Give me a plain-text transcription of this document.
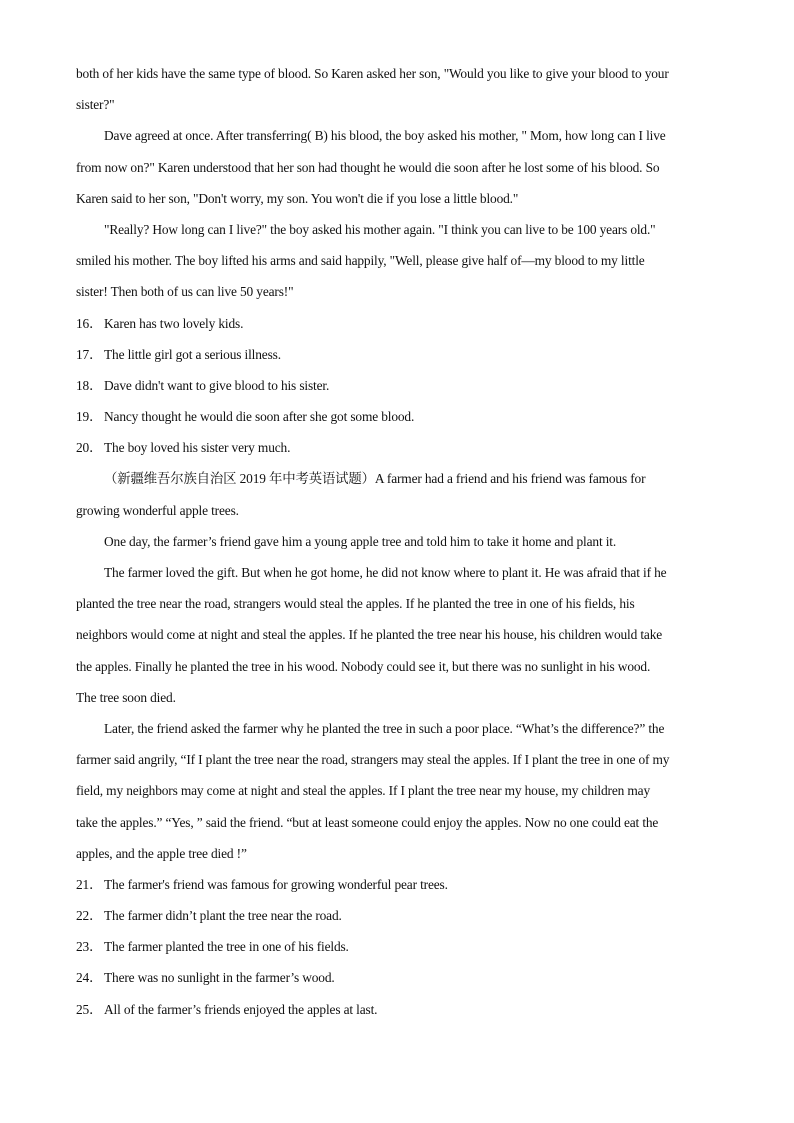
both of her kids have the same type of blood. So Karen asked her son, "Would you like to give your blood to your
sister?"
Dave agreed at once. After transferring( B) his blood, the boy asked his mother, " Mom, how long can I live
from now on?" Karen understood that her son had thought he would die soon after he lost some of his blood. So
Karen said to her son, "Don't worry, my son. You won't die if you lose a little blood."
"Really? How long can I live?" the boy asked his mother again. "I think you can live to be 100 years old."
smiled his mother. The boy lifted his arms and said happily, "Well, please give half of—my blood to my little
sister! Then both of us can live 50 years!"
16． Karen has two lovely kids.
17． The little girl got a serious illness.
18． Dave didn't want to give blood to his sister.
19． Nancy thought he would die soon after she got some blood.
20． The boy loved his sister very much.
（新疆维吾尔族自治区 2019 年中考英语试题）A farmer had a friend and his friend was famous for
growing wonderful apple trees.
One day, the farmer’s friend gave him a young apple tree and told him to take it home and plant it.
The farmer loved the gift. But when he got home, he did not know where to plant it. He was afraid that if he
planted the tree near the road, strangers would steal the apples. If he planted the tree in one of his fields, his
neighbors would come at night and steal the apples. If he planted the tree near his house, his children would take
the apples. Finally he planted the tree in his wood. Nobody could see it, but there was no sunlight in his wood.
The tree soon died.
Later, the friend asked the farmer why he planted the tree in such a poor place. “What’s the difference?” the
farmer said angrily, “If I plant the tree near the road, strangers may steal the apples. If I plant the tree in one of my
field, my neighbors may come at night and steal the apples. If I plant the tree near my house, my children may
take the apples.” “Yes, ” said the friend. “but at least someone could enjoy the apples. Now no one could eat the
apples, and the apple tree died !”
21． The farmer's friend was famous for growing wonderful pear trees.
22． The farmer didn’t plant the tree near the road.
23． The farmer planted the tree in one of his fields.
24． There was no sunlight in the farmer’s wood.
25． All of the farmer’s friends enjoyed the apples at last.
